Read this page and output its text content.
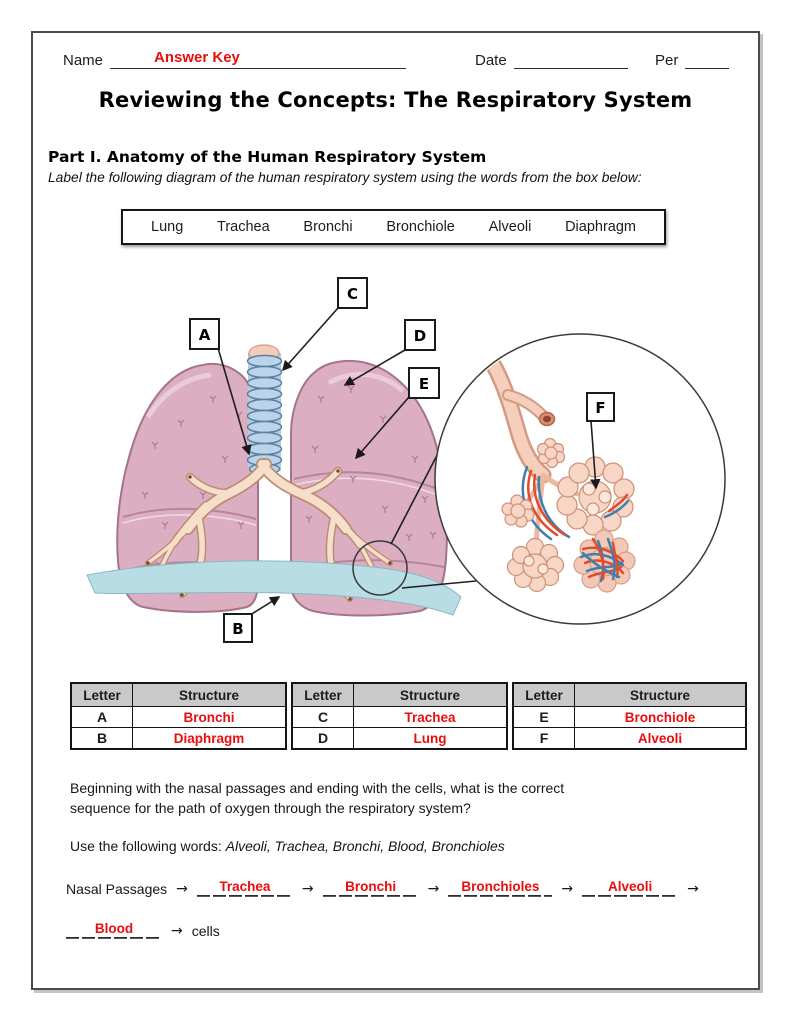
Name	Answer Key	Date	Per
Reviewing the Concepts: The Respiratory System
Part I. Anatomy of the Human Respiratory System
Label the following diagram of the human respiratory system using the words from the box below:
Lung Trachea Bronchi Bronchiole Alveoli Diaphragm
A
B
C
D
E
F
Letter	Structure
A	Bronchi
B	Diaphragm
Letter	Structure
C	Trachea
D	Lung
Letter	Structure
E	Bronchiole
F	Alveoli
Beginning with the nasal passages and ending with the cells, what is the correct
sequence for the path of oxygen through the respiratory system?
Use the following words: Alveoli, Trachea, Bronchi, Blood, Bronchioles
Nasal Passages →	Trachea	→	Bronchi	→	Bronchioles	→	Alveoli	→
Blood	→ cells
